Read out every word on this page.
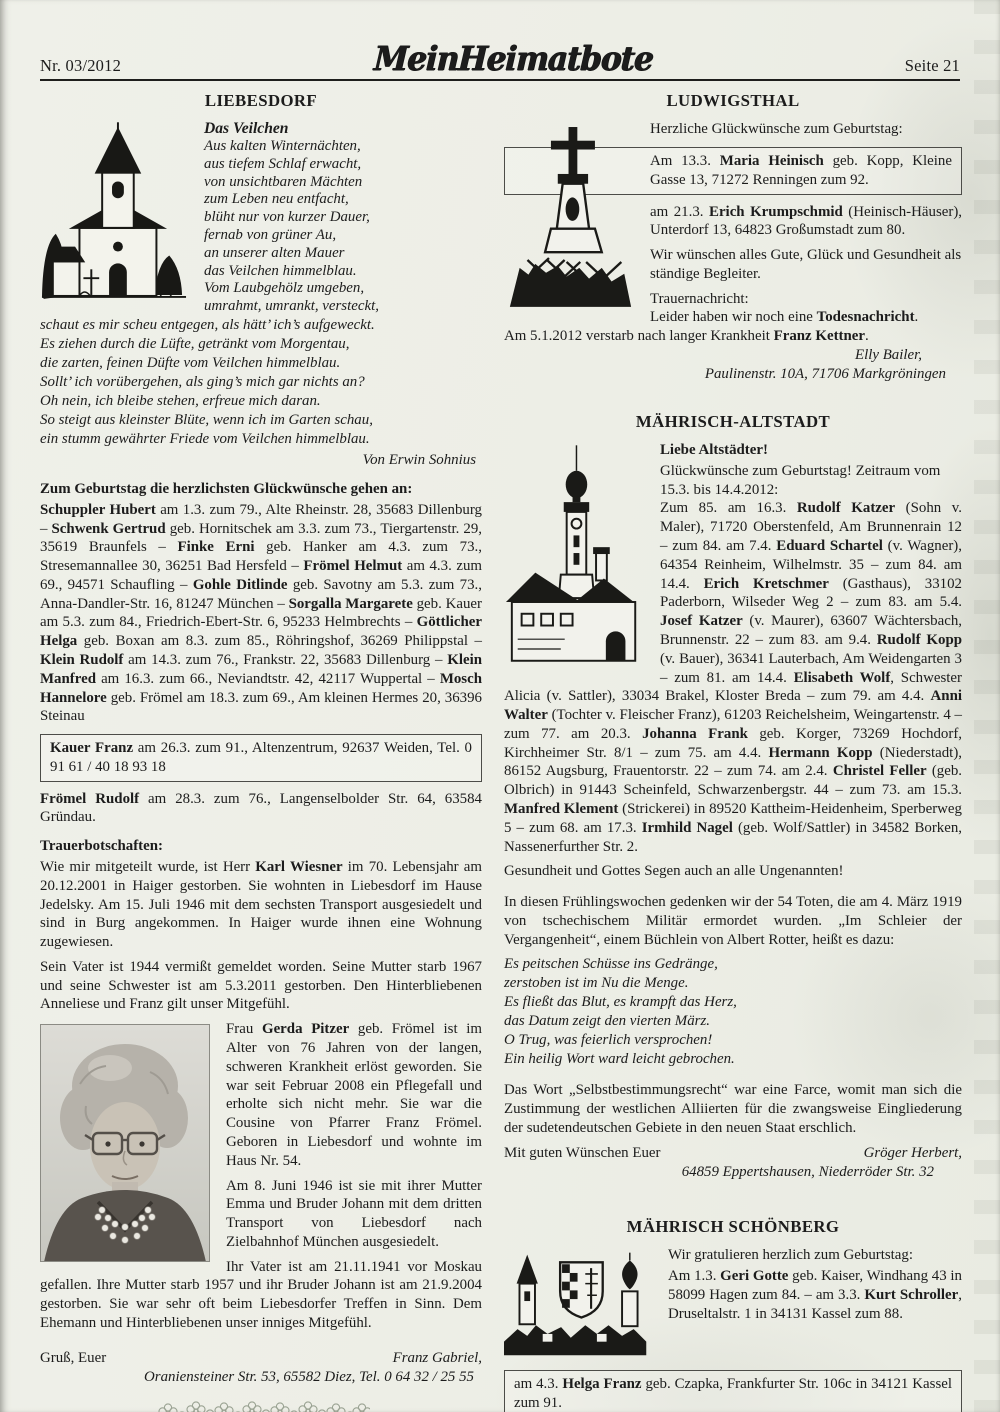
Nr. 03/2012	MeinHeimatbote	Seite 21
LIEBESDORF
Das Veilchen
Aus kalten Winternächten,
aus tiefem Schlaf erwacht,
von unsichtbaren Mächten
zum Leben neu entfacht,
blüht nur von kurzer Dauer,
fernab von grüner Au,
an unserer alten Mauer
das Veilchen himmelblau.
Vom Laubgehölz umgeben,
umrahmt, umrankt, versteckt,
schaut es mir scheu entgegen, als hätt’ ich’s aufgeweckt.
Es ziehen durch die Lüfte, getränkt vom Morgentau,
die zarten, feinen Düfte vom Veilchen himmelblau.
Sollt’ ich vorübergehen, als ging’s mich gar nichts an?
Oh nein, ich bleibe stehen, erfreue mich daran.
So steigt aus kleinster Blüte, wenn ich im Garten schau,
ein stumm gewährter Friede vom Veilchen himmelblau.
Von Erwin Sohnius

Zum Geburtstag die herzlichsten Glückwünsche gehen an:

Schuppler Hubert am 1.3. zum 79., Alte Rheinstr. 28, 35683 Dillenburg – Schwenk Gertrud geb. Hornitschek am 3.3. zum 73., Tiergartenstr. 29, 35619 Braunfels – Finke Erni geb. Hanker am 4.3. zum 73., Stresemannallee 30, 36251 Bad Hersfeld – Frömel Helmut am 4.3. zum 69., 94571 Schaufling – Gohle Ditlinde geb. Savotny am 5.3. zum 73., Anna-Dandler-Str. 16, 81247 München – Sorgalla Margarete geb. Kauer am 5.3. zum 84., Friedrich-Ebert-Str. 6, 95233 Helmbrechts – Göttlicher Helga geb. Boxan am 8.3. zum 85., Röhringshof, 36269 Philippstal – Klein Rudolf am 14.3. zum 76., Frankstr. 22, 35683 Dillenburg – Klein Manfred am 16.3. zum 66., Neviandtstr. 42, 42117 Wuppertal – Mosch Hannelore geb. Frömel am 18.3. zum 69., Am kleinen Hermes 20, 36396 Steinau

Kauer Franz am 26.3. zum 91., Altenzentrum, 92637 Weiden, Tel. 0 91 61 / 40 18 93 18

Frömel Rudolf am 28.3. zum 76., Langenselbolder Str. 64, 63584 Gründau.

Trauerbotschaften:

Wie mir mitgeteilt wurde, ist Herr Karl Wiesner im 70. Lebensjahr am 20.12.2001 in Haiger gestorben. Sie wohnten in Liebesdorf im Hause Jedelsky. Am 15. Juli 1946 mit dem sechsten Transport ausgesiedelt und sind in Burg angekommen. In Haiger wurde ihnen eine Wohnung zugewiesen.

Sein Vater ist 1944 vermißt gemeldet worden. Seine Mutter starb 1967 und seine Schwester ist am 5.3.2011 gestorben. Den Hinterbliebenen Anneliese und Franz gilt unser Mitgefühl.

Frau Gerda Pitzer geb. Frömel ist im Alter von 76 Jahren von der langen, schweren Krankheit erlöst geworden. Sie war seit Februar 2008 ein Pflegefall und erholte sich nicht mehr. Sie war die Cousine von Pfarrer Franz Frömel. Geboren in Liebesdorf und wohnte im Haus Nr. 54.

Am 8. Juni 1946 ist sie mit ihrer Mutter Emma und Bruder Johann mit dem dritten Transport von Liebesdorf nach Zielbahnhof München ausgesiedelt.

Ihr Vater ist am 21.11.1941 vor Moskau gefallen. Ihre Mutter starb 1957 und ihr Bruder Johann ist am 21.9.2004 gestorben. Sie war sehr oft beim Liebesdorfer Treffen in Sinn. Dem Ehemann und Hinterbliebenen unser inniges Mitgefühl.

Gruß, Euer	Franz Gabriel,
Oraniensteiner Str. 53, 65582 Diez, Tel. 0 64 32 / 25 55
LUDWIGSTHAL

Herzliche Glückwünsche zum Geburtstag:

Am 13.3. Maria Heinisch geb. Kopp, Kleine Gasse 13, 71272 Renningen zum 92.

am 21.3. Erich Krumpschmid (Heinisch-Häuser), Unterdorf 13, 64823 Großumstadt zum 80.

Wir wünschen alles Gute, Glück und Gesundheit als ständige Begleiter.

Trauernachricht:

Leider haben wir noch eine Todesnachricht.

Am 5.1.2012 verstarb nach langer Krankheit Franz Kettner.

Elly Bailer,
Paulinenstr. 10A, 71706 Markgröningen
MÄHRISCH-ALTSTADT

Liebe Altstädter!

Glückwünsche zum Geburtstag! Zeitraum vom 15.3. bis 14.4.2012:

Zum 85. am 16.3. Rudolf Katzer (Sohn v. Maler), 71720 Oberstenfeld, Am Brunnenrain 12 – zum 84. am 7.4. Eduard Schartel (v. Wagner), 64354 Reinheim, Wilhelmstr. 35 – zum 84. am 14.4. Erich Kretschmer (Gasthaus), 33102 Paderborn, Wilseder Weg 2 – zum 83. am 5.4. Josef Katzer (v. Maurer), 63607 Wächtersbach, Brunnenstr. 22 – zum 83. am 9.4. Rudolf Kopp (v. Bauer), 36341 Lauterbach, Am Weidengarten 3 – zum 81. am 14.4. Elisabeth Wolf, Schwester Alicia (v. Sattler), 33034 Brakel, Kloster Breda – zum 79. am 4.4. Anni Walter (Tochter v. Fleischer Franz), 61203 Reichelsheim, Weingartenstr. 4 – zum 77. am 20.3. Johanna Frank geb. Korger, 73269 Hochdorf, Kirchheimer Str. 8/1 – zum 75. am 4.4. Hermann Kopp (Niederstadt), 86152 Augsburg, Frauentorstr. 22 – zum 74. am 2.4. Christel Feller (geb. Olbrich) in 91443 Scheinfeld, Schwarzenbergstr. 44 – zum 73. am 15.3. Manfred Klement (Strickerei) in 89520 Kattheim-Heidenheim, Sperberweg 5 – zum 68. am 17.3. Irmhild Nagel (geb. Wolf/Sattler) in 34582 Borken, Nassenerfurther Str. 2.

Gesundheit und Gottes Segen auch an alle Ungenannten!

In diesen Frühlingswochen gedenken wir der 54 Toten, die am 4. März 1919 von tschechischem Militär ermordet wurden. „Im Schleier der Vergangenheit“, einem Büchlein von Albert Rotter, heißt es dazu:

Es peitschen Schüsse ins Gedränge,
zerstoben ist im Nu die Menge.
Es fließt das Blut, es krampft das Herz,
das Datum zeigt den vierten März.
O Trug, was feierlich versprochen!
Ein heilig Wort ward leicht gebrochen.

Das Wort „Selbstbestimmungsrecht“ war eine Farce, womit man sich die Zustimmung der westlichen Alliierten für die zwangsweise Eingliederung der sudetendeutschen Gebiete in den neuen Staat erschlich.

Mit guten Wünschen Euer	Gröger Herbert,
64859 Eppertshausen, Niederröder Str. 32
MÄHRISCH SCHÖNBERG

Wir gratulieren herzlich zum Geburtstag:

Am 1.3. Geri Gotte geb. Kaiser, Windhang 43 in 58099 Hagen zum 84. – am 3.3. Kurt Schroller, Druseltalstr. 1 in 34131 Kassel zum 88.

am 4.3. Helga Franz geb. Czapka, Frankfurter Str. 106c in 34121 Kassel zum 91.
